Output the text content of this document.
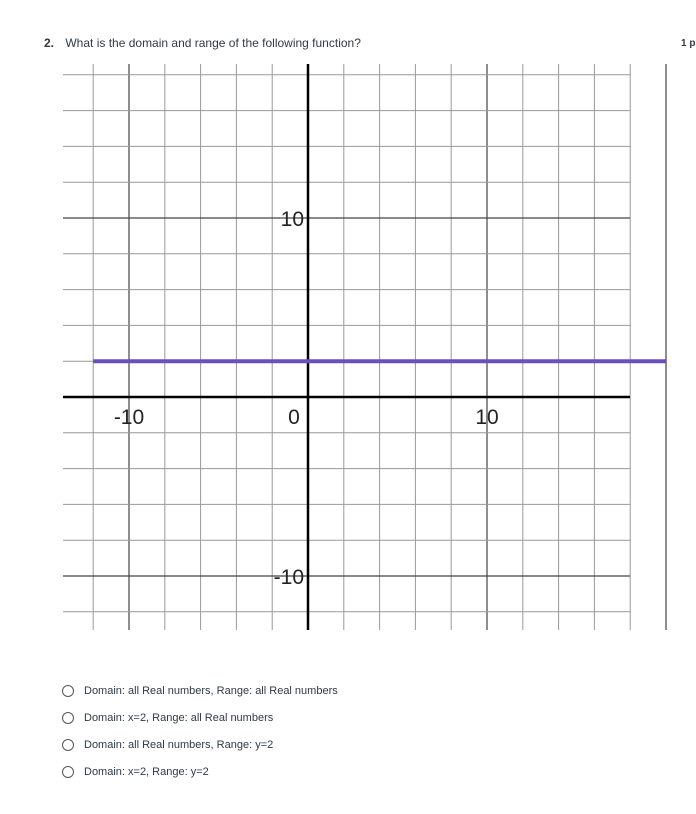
2. What is the domain and range of the following function?	1 p
-10	0	10
10
-10
Domain: all Real numbers, Range: all Real numbers
Domain: x=2, Range: all Real numbers
Domain: all Real numbers, Range: y=2
Domain: x=2, Range: y=2
